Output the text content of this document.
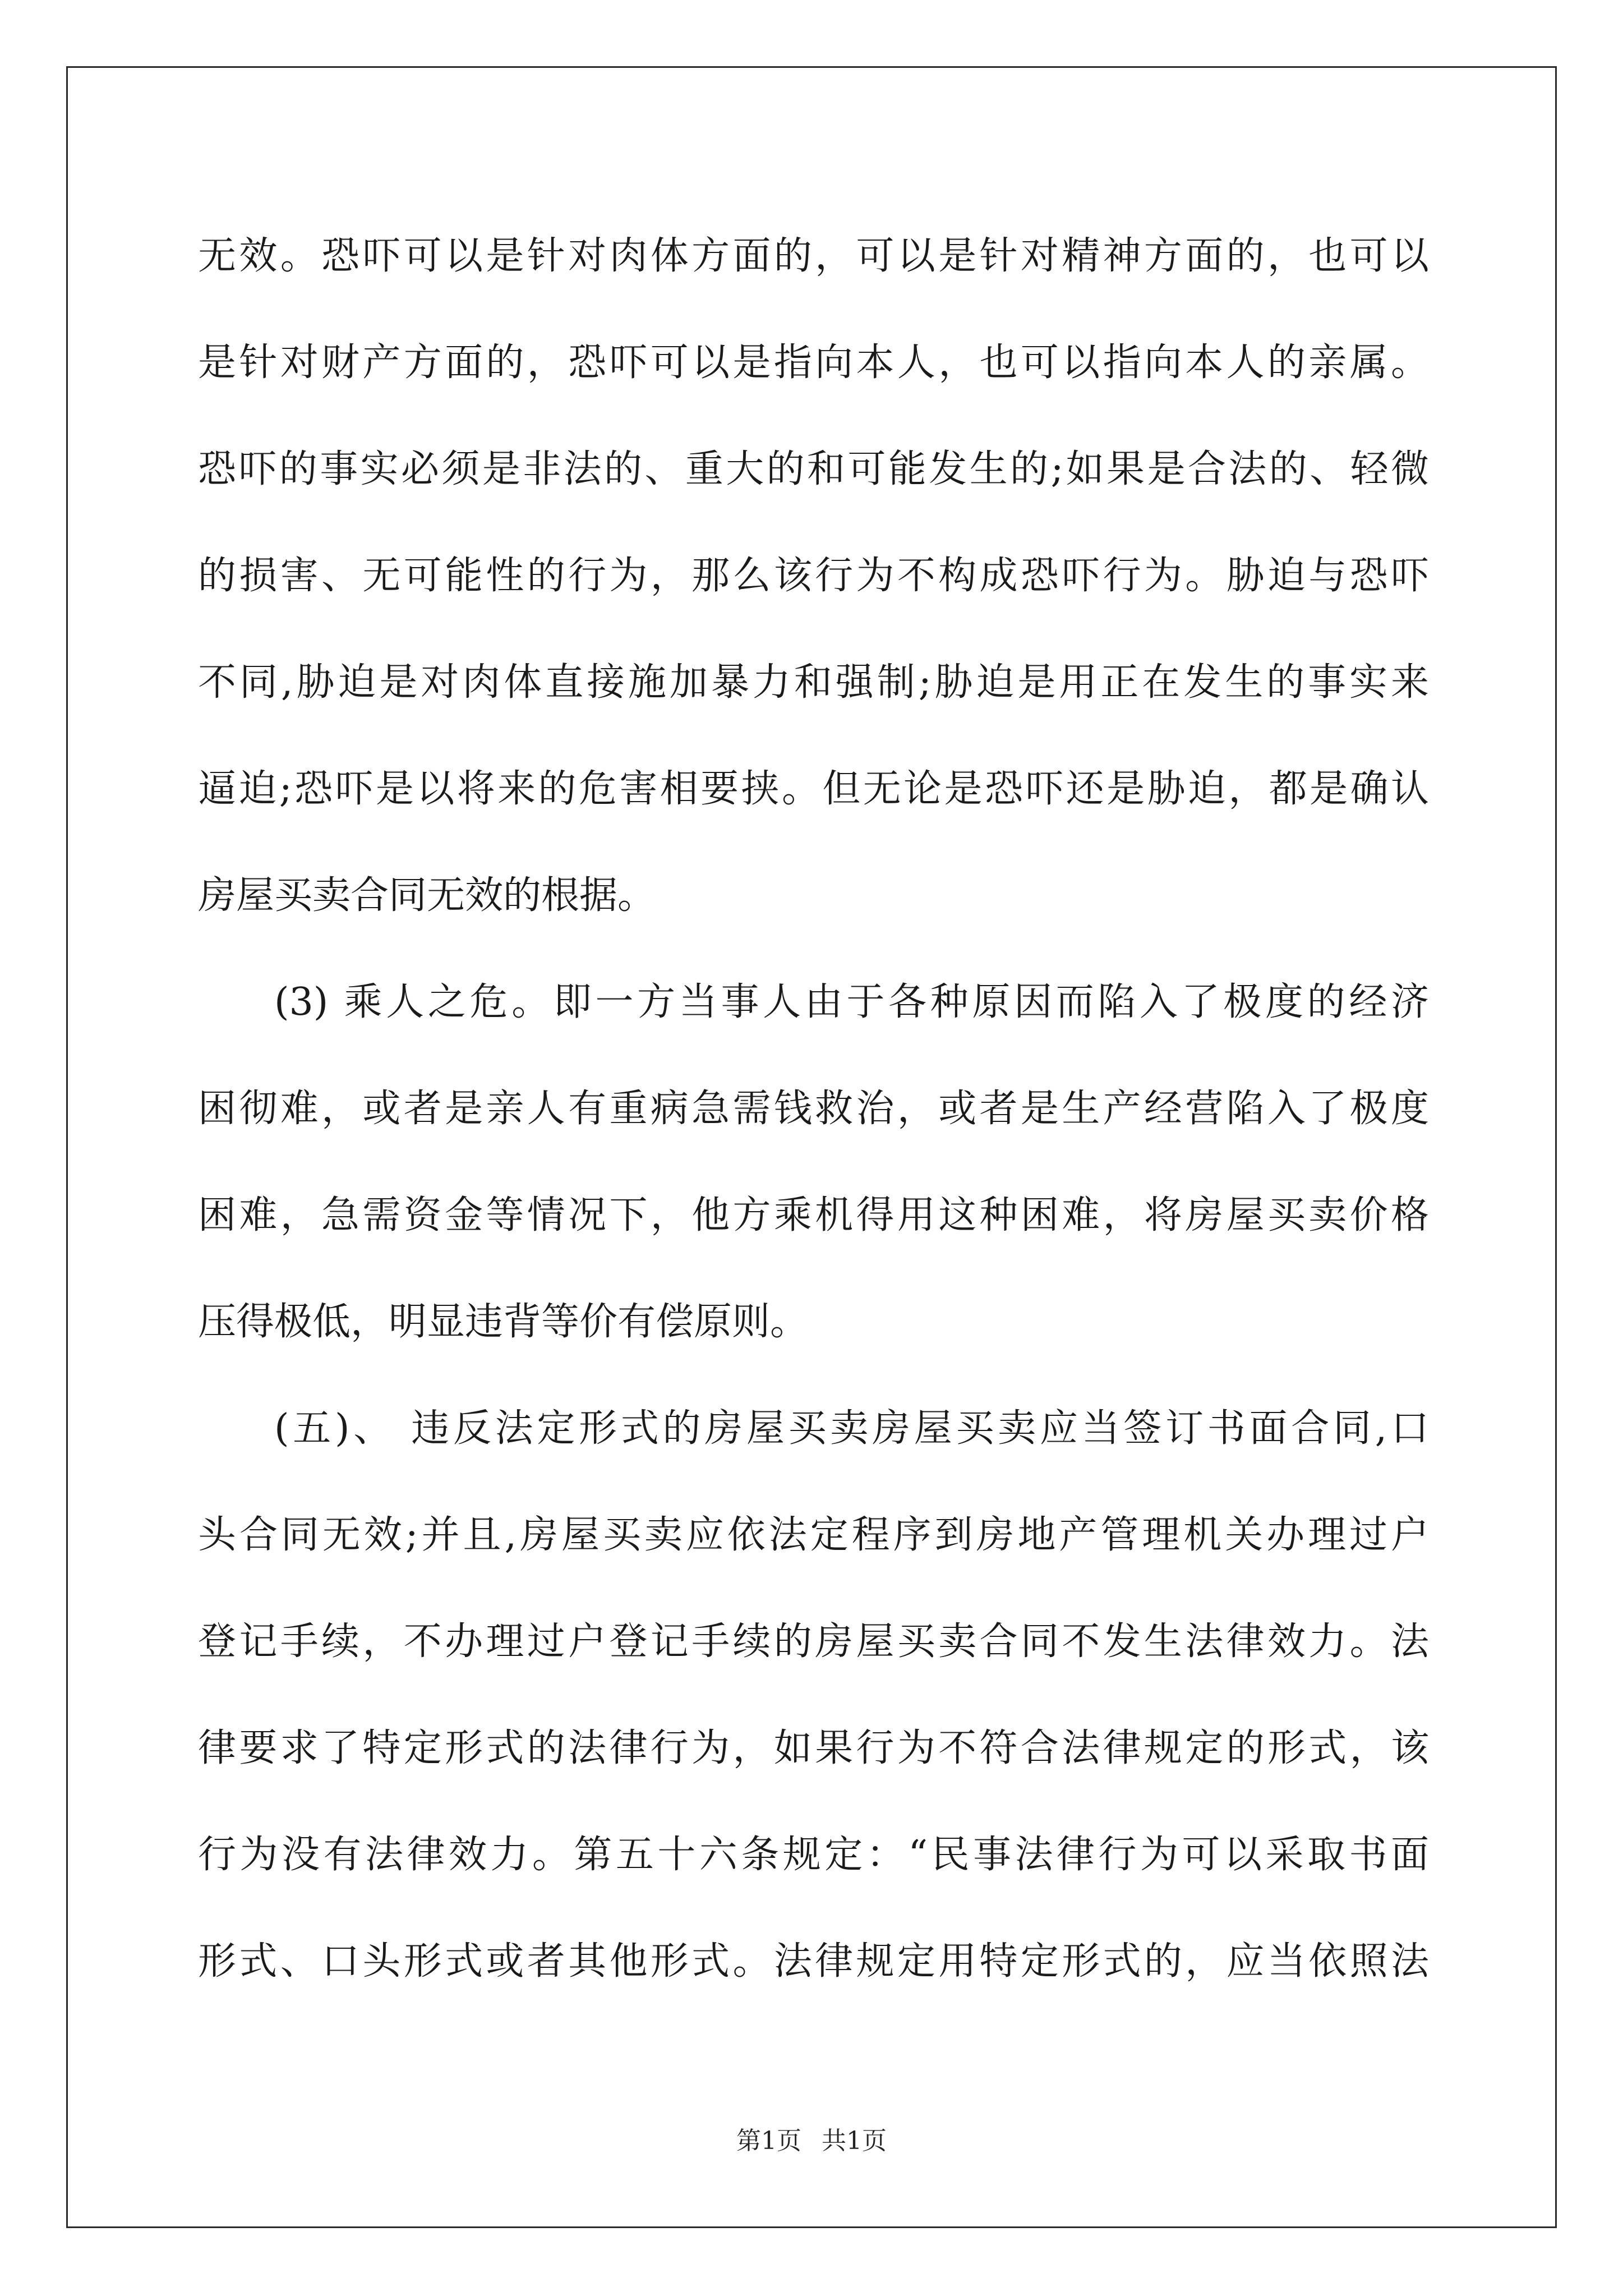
无效。恐吓可以是针对肉体方面的，可以是针对精神方面的，也可以
是针对财产方面的，恐吓可以是指向本人，也可以指向本人的亲属。
恐吓的事实必须是非法的、重大的和可能发生的;如果是合法的、轻微
的损害、无可能性的行为，那么该行为不构成恐吓行为。胁迫与恐吓
不同,胁迫是对肉体直接施加暴力和强制;胁迫是用正在发生的事实来
逼迫;恐吓是以将来的危害相要挟。但无论是恐吓还是胁迫，都是确认
房屋买卖合同无效的根据。
(3) 乘人之危。即一方当事人由于各种原因而陷入了极度的经济
困彻难，或者是亲人有重病急需钱救治，或者是生产经营陷入了极度
困难，急需资金等情况下，他方乘机得用这种困难，将房屋买卖价格
压得极低，明显违背等价有偿原则。
(五)、 违反法定形式的房屋买卖房屋买卖应当签订书面合同,口
头合同无效;并且,房屋买卖应依法定程序到房地产管理机关办理过户
登记手续，不办理过户登记手续的房屋买卖合同不发生法律效力。法
律要求了特定形式的法律行为，如果行为不符合法律规定的形式，该
行为没有法律效力。第五十六条规定：“民事法律行为可以采取书面
形式、口头形式或者其他形式。法律规定用特定形式的，应当依照法
第1页 共1页
